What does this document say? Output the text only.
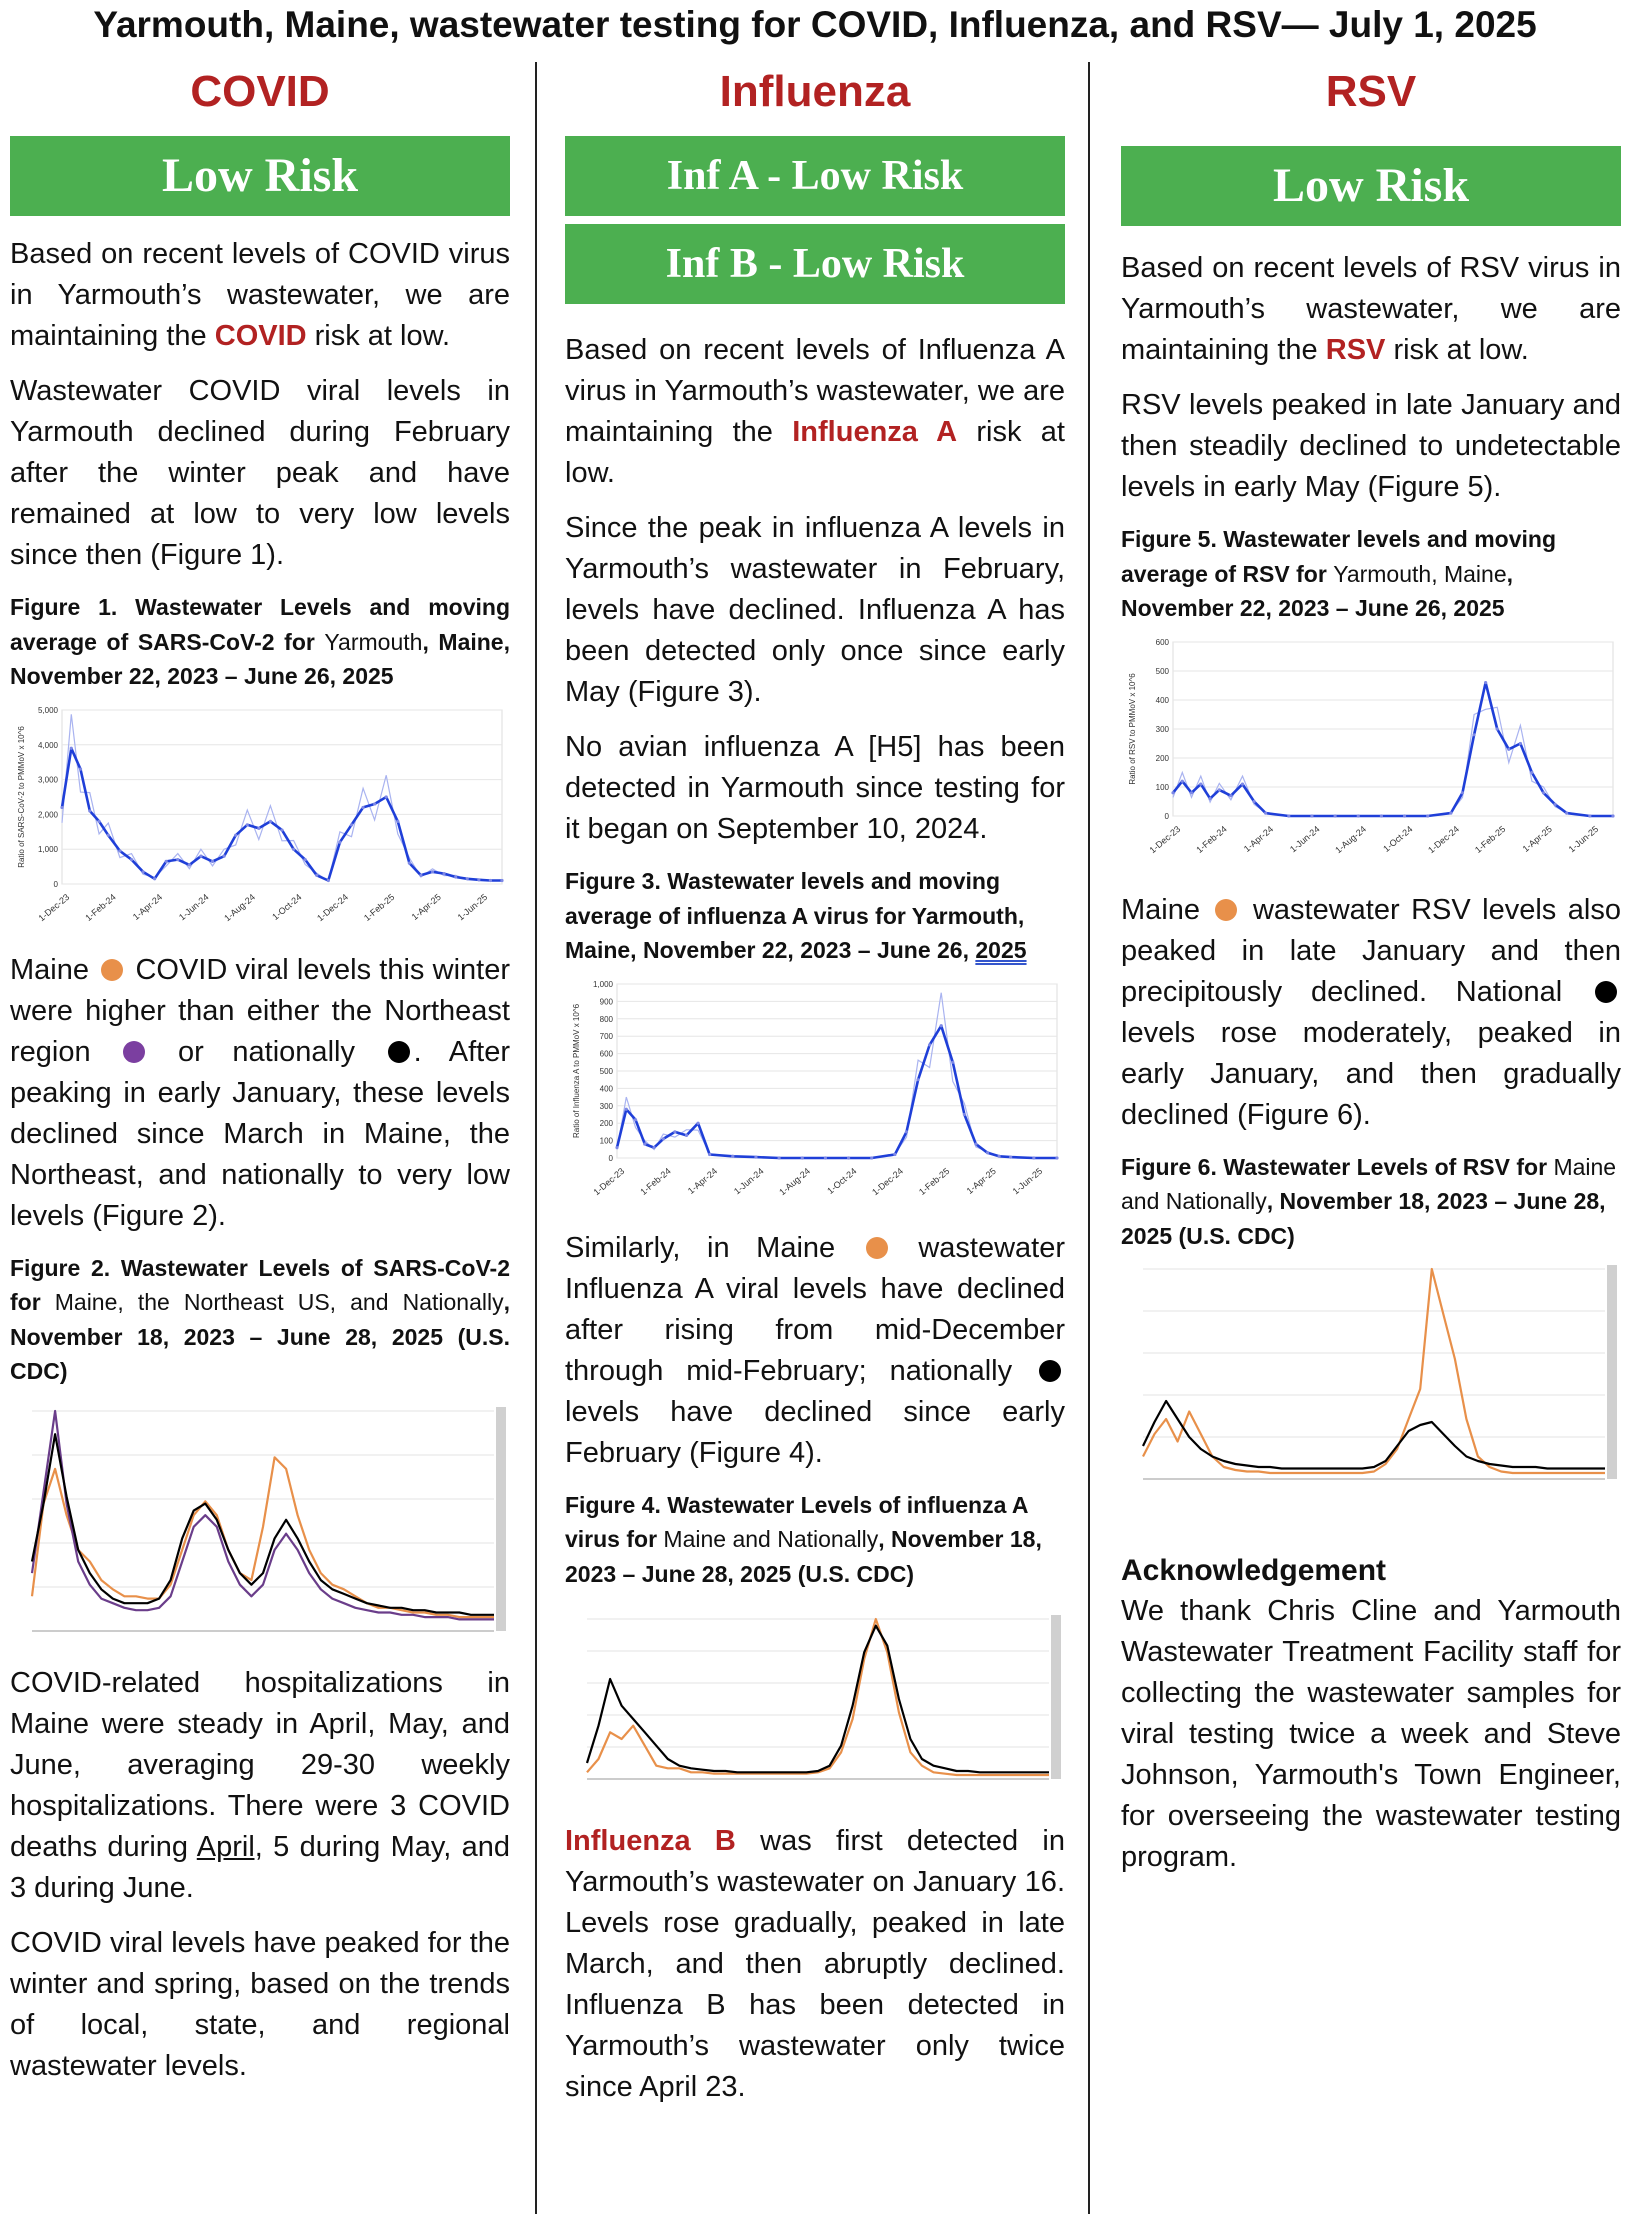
Yarmouth, Maine, wastewater testing for COVID, Influenza, and RSV— July 1, 2025
COVID
Low Risk

Based on recent levels of COVID virus in Yarmouth’s wastewater, we are maintaining the COVID risk at low.

Wastewater COVID viral levels in Yarmouth declined during February after the winter peak and have remained at low to very low levels since then (Figure 1).

Figure 1. Wastewater Levels and moving average of SARS-CoV-2 for Yarmouth, Maine, November 22, 2023 – June 26, 2025
0
1,000
2,000
3,000
4,000
5,000
1-Dec-23 1-Feb-24 1-Apr-24 1-Jun-24 1-Aug-24 1-Oct-24 1-Dec-24 1-Feb-25 1-Apr-25 1-Jun-25
Ratio of SARS-CoV-2 to PMMoV x 10^6

Maine COVID viral levels this winter were higher than either the Northeast region	or nationally . After peaking in early January, these levels declined since March in Maine, the Northeast, and nationally to very low levels (Figure 2).

Figure 2. Wastewater Levels of SARS-CoV-2 for Maine, the Northeast US, and Nationally, November 18, 2023 – June 28, 2025 (U.S. CDC)

COVID-related hospitalizations in Maine were steady in April, May, and June, averaging 29-30 weekly hospitalizations. There were 3 COVID deaths during April, 5 during May, and 3 during June.

COVID viral levels have peaked for the winter and spring, based on the trends of local, state, and regional wastewater levels.

Influenza
Inf A - Low Risk
Inf B - Low Risk

Based on recent levels of Influenza A virus in Yarmouth’s wastewater, we are maintaining the Influenza A risk at low.

Since the peak in influenza A levels in Yarmouth’s wastewater in February, levels have declined. Influenza A has been detected only once since early May (Figure 3).

No avian influenza A [H5] has been detected in Yarmouth since testing for it began on September 10, 2024.

Figure 3. Wastewater levels and moving average of influenza A virus for Yarmouth, Maine, November 22, 2023 – June 26, 2025
0
100
200
300
400
500
600
700
800
900
1,000
1-Dec-23 1-Feb-24 1-Apr-24 1-Jun-24 1-Aug-24 1-Oct-24 1-Dec-24 1-Feb-25 1-Apr-25 1-Jun-25
Ratio of Influenza A to PMMoV x 10^6

Similarly, in Maine	wastewater Influenza A viral levels have declined after rising from mid-December through mid-February; nationally  levels have declined since early February (Figure 4).

Figure 4. Wastewater Levels of influenza A virus for Maine and Nationally, November 18, 2023 – June 28, 2025 (U.S. CDC)

Influenza B was first detected in Yarmouth’s wastewater on January 16. Levels rose gradually, peaked in late March, and then abruptly declined. Influenza B has been detected in Yarmouth’s wastewater only twice since April 23.

RSV
Low Risk

Based on recent levels of RSV virus in Yarmouth’s wastewater, we are maintaining the RSV risk at low.

RSV levels peaked in late January and then steadily declined to undetectable levels in early May (Figure 5).

Figure 5. Wastewater levels and moving average of RSV for Yarmouth, Maine, November 22, 2023 – June 26, 2025
0
100
200
300
400
500
600
1-Dec-23 1-Feb-24 1-Apr-24 1-Jun-24 1-Aug-24 1-Oct-24 1-Dec-24 1-Feb-25 1-Apr-25 1-Jun-25
Ratio of RSV to PMMoV x 10^6

Maine wastewater RSV levels also peaked in late January and then precipitously declined. National  levels rose moderately, peaked in early January, and then gradually declined (Figure 6).

Figure 6. Wastewater Levels of RSV for Maine and Nationally, November 18, 2023 – June 28, 2025 (U.S. CDC)
Acknowledgement

We thank Chris Cline and Yarmouth Wastewater Treatment Facility staff for collecting the wastewater samples for viral testing twice a week and Steve Johnson, Yarmouth's Town Engineer, for overseeing the wastewater testing program.
